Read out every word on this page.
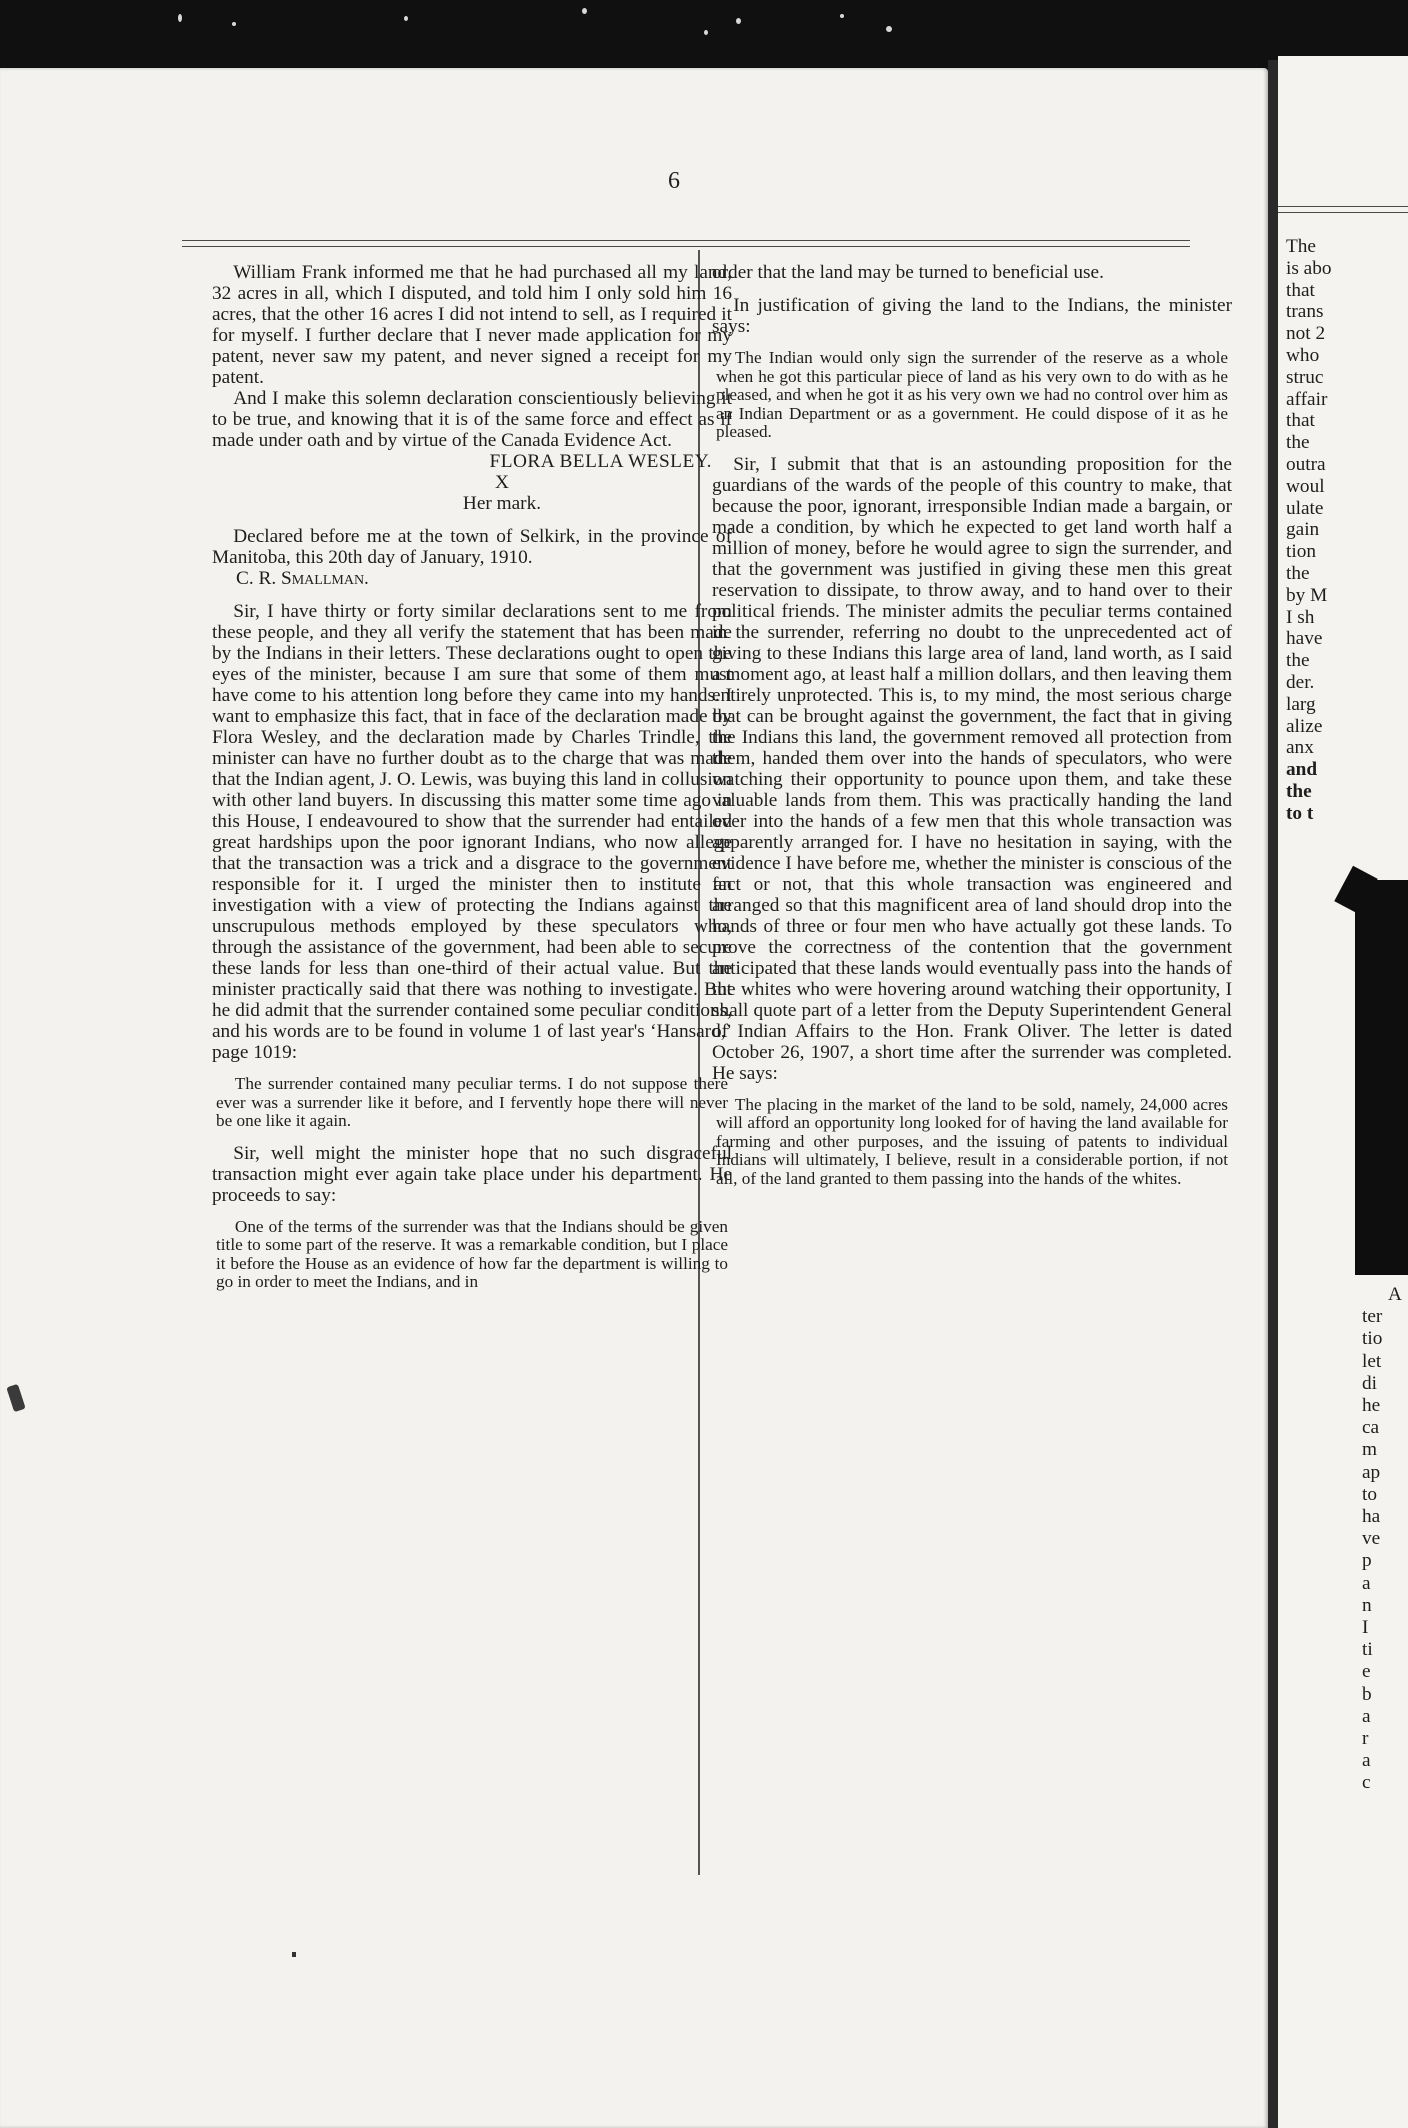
6

William Frank informed me that he had purchased all my land, 32 acres in all, which I disputed, and told him I only sold him 16 acres, that the other 16 acres I did not intend to sell, as I required it for myself. I further declare that I never made application for my patent, never saw my patent, and never signed a receipt for my patent.

And I make this solemn declaration conscientiously believing it to be true, and knowing that it is of the same force and effect as if made under oath and by virtue of the Canada Evidence Act.

FLORA BELLA WESLEY.
X
Her mark.

Declared before me at the town of Selkirk, in the province of Manitoba, this 20th day of January, 1910.

C. R. Smallman.

Sir, I have thirty or forty similar declarations sent to me from these people, and they all verify the statement that has been made by the Indians in their letters. These declarations ought to open the eyes of the minister, because I am sure that some of them must have come to his attention long before they came into my hands. I want to emphasize this fact, that in face of the declaration made by Flora Wesley, and the declaration made by Charles Trindle, the minister can have no further doubt as to the charge that was made that the Indian agent, J. O. Lewis, was buying this land in collusion with other land buyers. In discussing this matter some time ago in this House, I endeavoured to show that the surrender had entailed great hardships upon the poor ignorant Indians, who now allege that the transaction was a trick and a disgrace to the government responsible for it. I urged the minister then to institute an investigation with a view of protecting the Indians against the unscrupulous methods employed by these speculators who, through the assistance of the government, had been able to secure these lands for less than one-third of their actual value. But the minister practically said that there was nothing to investigate. But he did admit that the surrender contained some peculiar conditions, and his words are to be found in volume 1 of last year's ‘Hansard,’ page 1019:

The surrender contained many peculiar terms. I do not suppose there ever was a surrender like it before, and I fervently hope there will never be one like it again.

Sir, well might the minister hope that no such disgraceful transaction might ever again take place under his department. He proceeds to say:

One of the terms of the surrender was that the Indians should be given title to some part of the reserve. It was a remarkable condition, but I place it before the House as an evidence of how far the department is willing to go in order to meet the Indians, and in

order that the land may be turned to beneficial use.

In justification of giving the land to the Indians, the minister says:

The Indian would only sign the surrender of the reserve as a whole when he got this particular piece of land as his very own to do with as he pleased, and when he got it as his very own we had no control over him as an Indian Department or as a government. He could dispose of it as he pleased.

Sir, I submit that that is an astounding proposition for the guardians of the wards of the people of this country to make, that because the poor, ignorant, irresponsible Indian made a bargain, or made a condition, by which he expected to get land worth half a million of money, before he would agree to sign the surrender, and that the government was justified in giving these men this great reservation to dissipate, to throw away, and to hand over to their political friends. The minister admits the peculiar terms contained in the surrender, referring no doubt to the unprecedented act of giving to these Indians this large area of land, land worth, as I said a moment ago, at least half a million dollars, and then leaving them entirely unprotected. This is, to my mind, the most serious charge that can be brought against the government, the fact that in giving the Indians this land, the government removed all protection from them, handed them over into the hands of speculators, who were watching their opportunity to pounce upon them, and take these valuable lands from them. This was practically handing the land over into the hands of a few men that this whole transaction was apparently arranged for. I have no hesitation in saying, with the evidence I have before me, whether the minister is conscious of the fact or not, that this whole transaction was engineered and arranged so that this magnificent area of land should drop into the hands of three or four men who have actually got these lands. To prove the correctness of the contention that the government anticipated that these lands would eventually pass into the hands of the whites who were hovering around watching their opportunity, I shall quote part of a letter from the Deputy Superintendent General of Indian Affairs to the Hon. Frank Oliver. The letter is dated October 26, 1907, a short time after the surrender was completed. He says:

The placing in the market of the land to be sold, namely, 24,000 acres will afford an opportunity long looked for of having the land available for farming and other purposes, and the issuing of patents to individual Indians will ultimately, I believe, result in a considerable portion, if not all, of the land granted to them passing into the hands of the whites.

The
is abo
that
trans
not 2
who
struc
affair
that
the
outra
woul
ulate
gain
tion
the
by M
I sh
have
the
der.
larg
alize
anx
and
the
to t
A
ter
tio
let
di
he
ca
m
ap
to
ha
ve
p
a
n
I
ti
e
b
a
r
a
c
